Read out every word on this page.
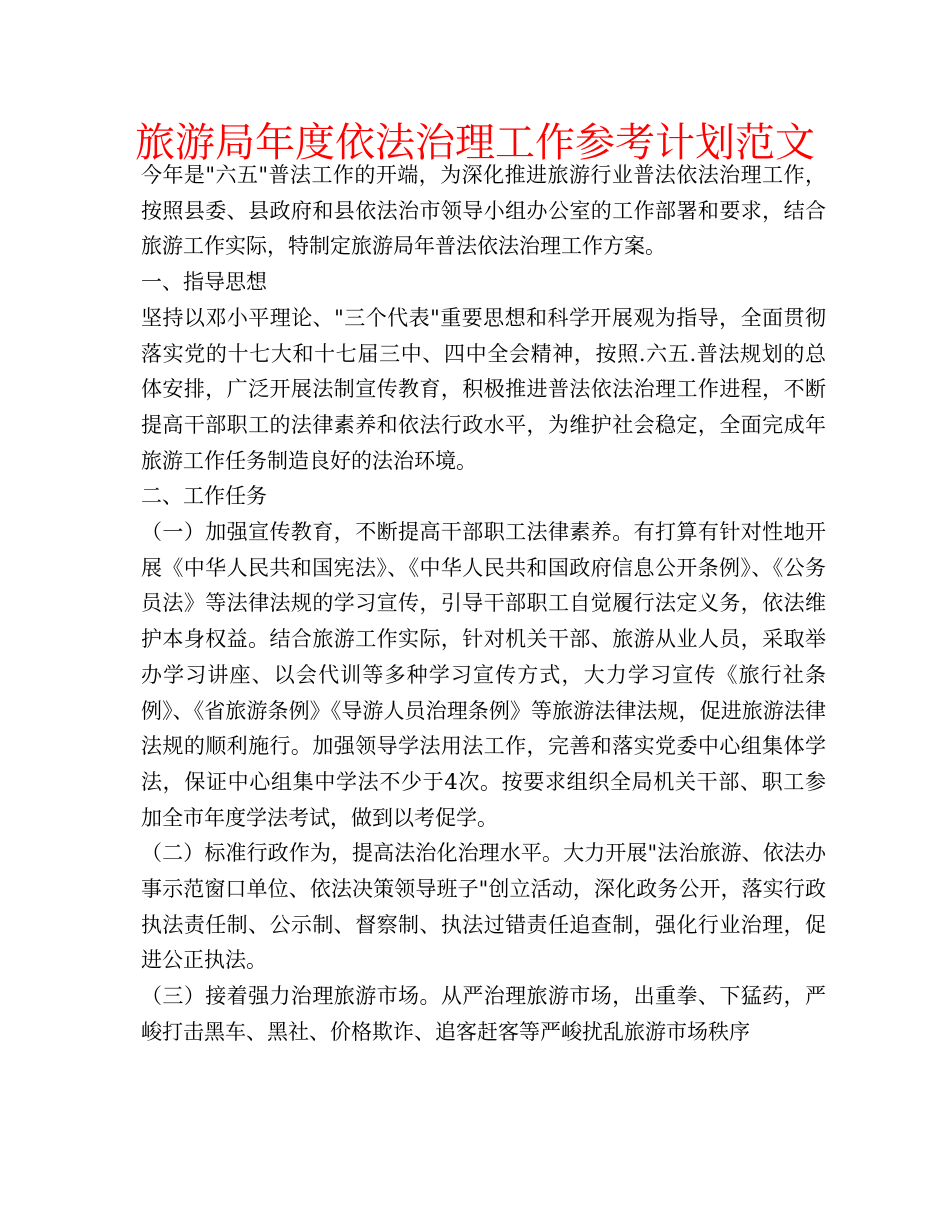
旅游局年度依法治理工作参考计划范文

今年是"六五"普法工作的开端，为深化推进旅游行业普法依法治理工作，按照县委、县政府和县依法治市领导小组办公室的工作部署和要求，结合旅游工作实际，特制定旅游局年普法依法治理工作方案。

一、指导思想

坚持以邓小平理论、"三个代表"重要思想和科学开展观为指导，全面贯彻落实党的十七大和十七届三中、四中全会精神，按照.六五.普法规划的总体安排，广泛开展法制宣传教育，积极推进普法依法治理工作进程，不断提高干部职工的法律素养和依法行政水平，为维护社会稳定，全面完成年旅游工作任务制造良好的法治环境。

二、工作任务

（一）加强宣传教育，不断提高干部职工法律素养。有打算有针对性地开展《中华人民共和国宪法》、《中华人民共和国政府信息公开条例》、《公务员法》等法律法规的学习宣传，引导干部职工自觉履行法定义务，依法维护本身权益。结合旅游工作实际，针对机关干部、旅游从业人员，采取举办学习讲座、以会代训等多种学习宣传方式，大力学习宣传《旅行社条例》、《省旅游条例》《导游人员治理条例》等旅游法律法规，促进旅游法律法规的顺利施行。加强领导学法用法工作，完善和落实党委中心组集体学法，保证中心组集中学法不少于4次。按要求组织全局机关干部、职工参加全市年度学法考试，做到以考促学。

（二）标准行政作为，提高法治化治理水平。大力开展"法治旅游、依法办事示范窗口单位、依法决策领导班子"创立活动，深化政务公开，落实行政执法责任制、公示制、督察制、执法过错责任追查制，强化行业治理，促进公正执法。

（三）接着强力治理旅游市场。从严治理旅游市场，出重拳、下猛药，严峻打击黑车、黑社、价格欺诈、追客赶客等严峻扰乱旅游市场秩序
